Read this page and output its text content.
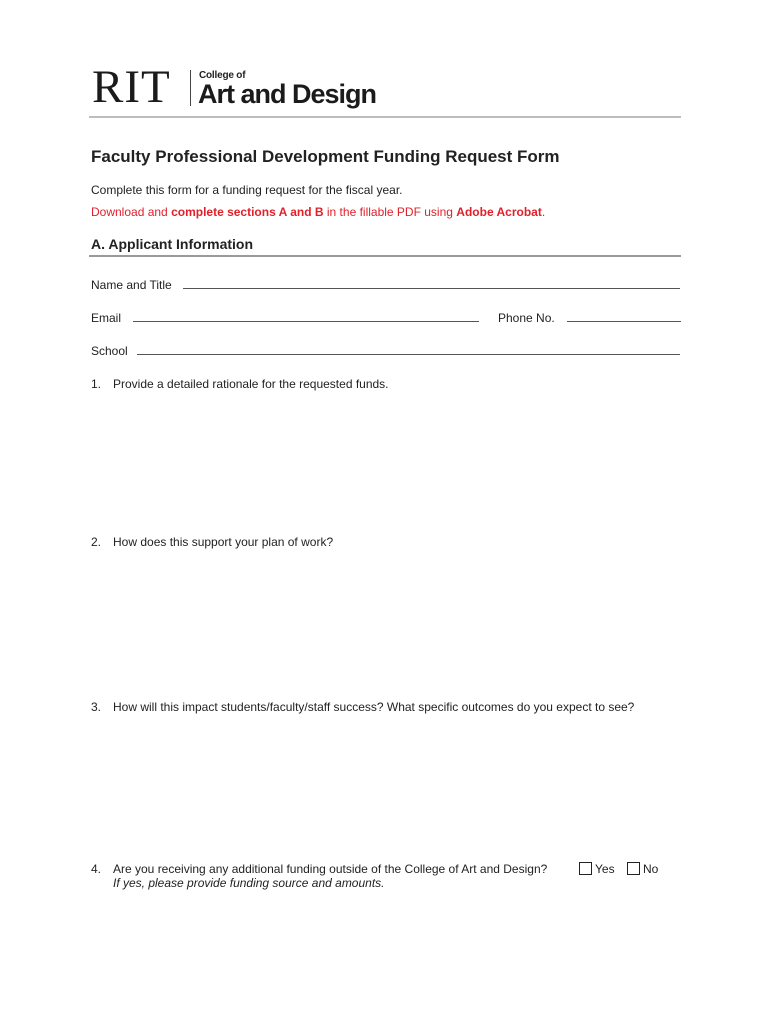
RIT	College of
Art and Design
Faculty Professional Development Funding Request Form
Complete this form for a funding request for the fiscal year.
Download and complete sections A and B in the fillable PDF using Adobe Acrobat.
A. Applicant Information
Name and Title
Email	Phone No.
School
1. Provide a detailed rationale for the requested funds.
2. How does this support your plan of work?
3. How will this impact students/faculty/staff success? What specific outcomes do you expect to see?
4. Are you receiving any additional funding outside of the College of Art and Design?	Yes No
If yes, please provide funding source and amounts.
